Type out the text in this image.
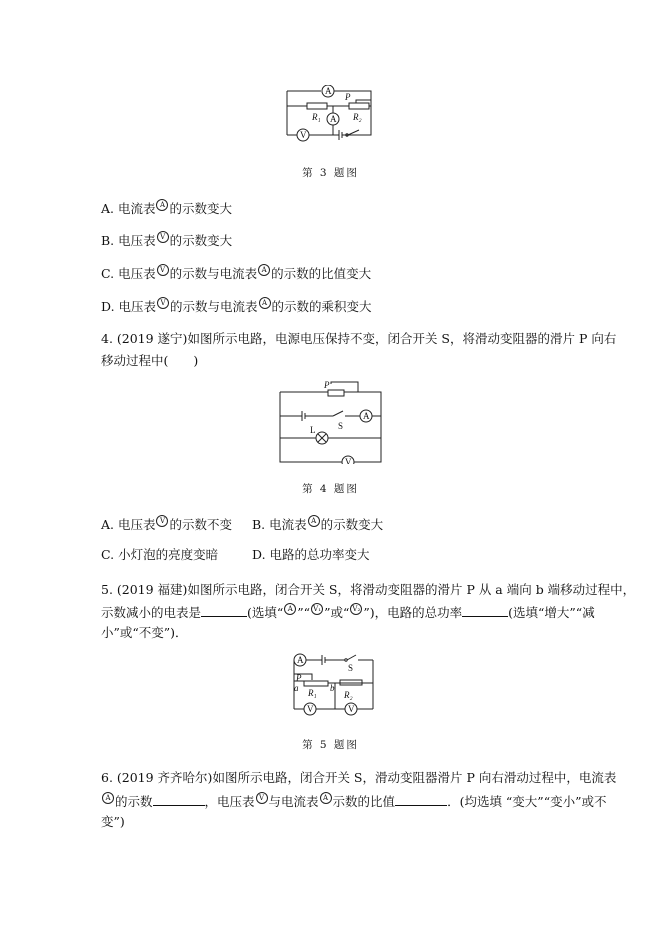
A
P
R₁	R₂
A
V
第 3 题图
A. 电流表 A 的示数变大
B. 电压表 V 的示数变大
C. 电压表 V 的示数与电流表 A 的示数的比值变大
D. 电压表 V 的示数与电流表 A 的示数的乘积变大
4. (2019 遂宁)如图所示电路，电源电压保持不变，闭合开关 S，将滑动变阻器的滑片 P 向右
移动过程中(　　)
P
A
S
L
V
第 4 题图
A. 电压表 V 的示数不变 B. 电流表 A 的示数变大
C. 小灯泡的亮度变暗	D. 电路的总功率变大
5. (2019 福建)如图所示电路，闭合开关 S，将滑动变阻器的滑片 P 从 a 端向 b 端移动过程中，
示数减小的电表是	(选填“ A ”“ V₁ ”或“ V₂ ”)，电路的总功率	(选填“增大”“减
小”或“不变”)．
A
S
P
a	b
R₁	R₂
V	V
第 5 题图
6. (2019 齐齐哈尔)如图所示电路，闭合开关 S，滑动变阻器滑片 P 向右滑动过程中，电流表
A 的示数	，电压表 V 与电流表 A 示数的比值	．(均选填 “变大”“变小”或不
变”)
